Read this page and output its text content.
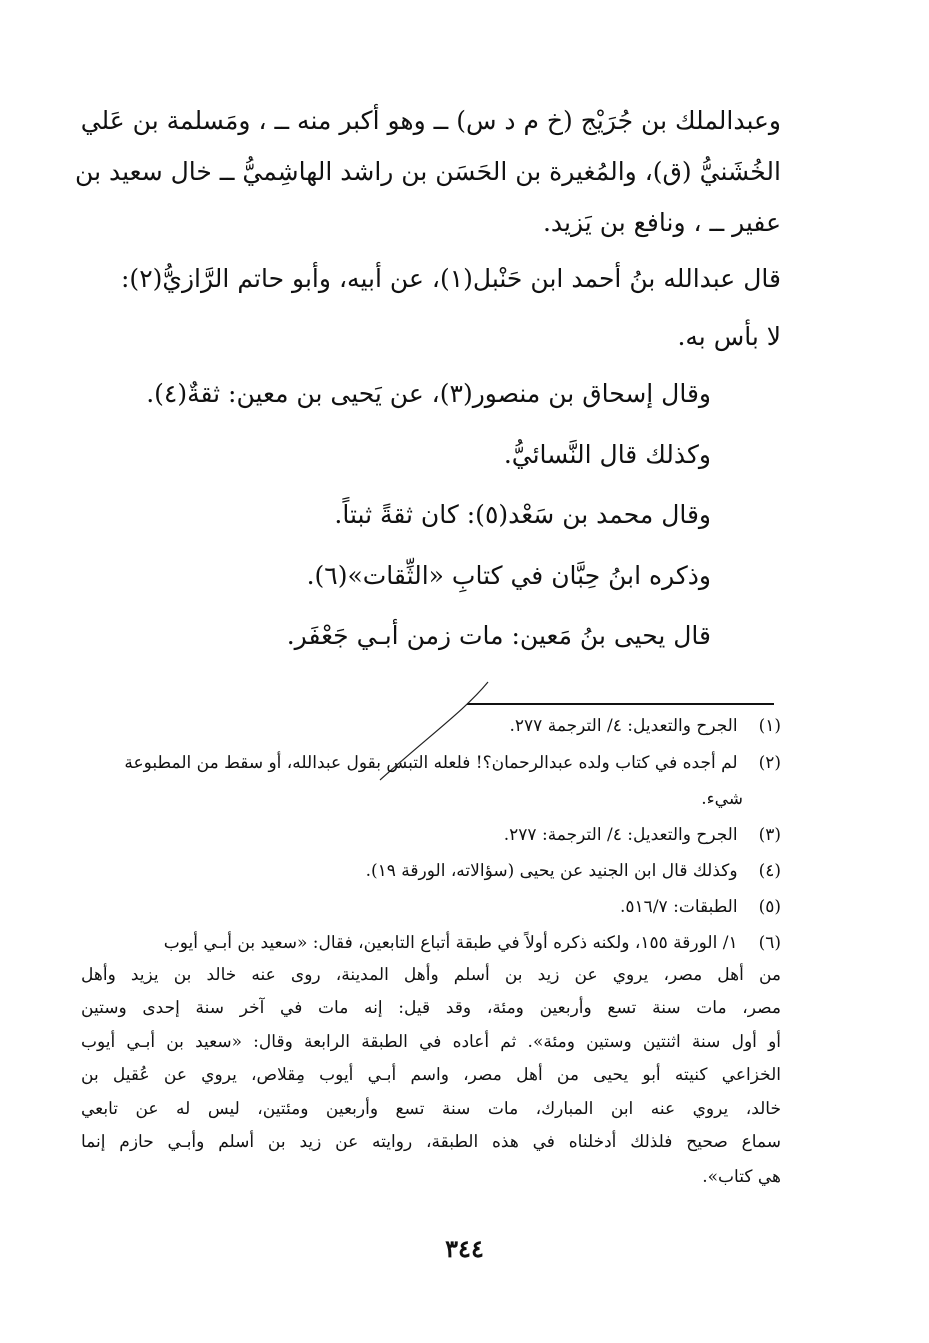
وعبدالملك بن جُرَيْج (خ م د س) ــ وهو أكبر منه ــ ، ومَسلمة بن عَلي
الخُشَنيُّ (ق)، والمُغيرة بن الحَسَن بن راشد الهاشِميُّ ــ خال سعيد بن
عفير ــ ، ونافع بن يَزيد.
قال عبدالله بنُ أحمد ابن حَنْبل(١)، عن أبيه، وأبو حاتم الرَّازيُّ(٢):
لا بأس به.
وقال إسحاق بن منصور(٣)، عن يَحيى بن معين: ثقةٌ(٤).
وكذلك قال النَّسائيُّ.
وقال محمد بن سَعْد(٥): كان ثقةً ثبتاً.
وذكره ابنُ حِبَّان في كتابِ «الثِّقات»(٦).
قال يحيى بنُ مَعين: مات زمن أبـي جَعْفَر.
(١) الجرح والتعديل: ٤/ الترجمة ٢٧٧.
(٢) لم أجده في كتاب ولده عبدالرحمان؟! فلعله التبس بقول عبدالله، أو سقط من المطبوعة
شيء.
(٣) الجرح والتعديل: ٤/ الترجمة: ٢٧٧.
(٤) وكذلك قال ابن الجنيد عن يحيى (سؤالاته، الورقة ١٩).
(٥) الطبقات: ٥١٦/٧.
(٦) ١/ الورقة ١٥٥، ولكنه ذكره أولاً في طبقة أتباع التابعين، فقال: «سعيد بن أبـي أيوب
من أهل مصر، يروي عن زيد بن أسلم وأهل المدينة، روى عنه خالد بن يزيد وأهل
مصر، مات سنة تسع وأربعين ومئة، وقد قيل: إنه مات في آخر سنة إحدى وستين
أو أول سنة اثنتين وستين ومئة». ثم أعاده في الطبقة الرابعة وقال: «سعيد بن أبـي أيوب
الخزاعي كنيته أبو يحيى من أهل مصر، واسم أبـي أيوب مِقلاص، يروي عن عُقيل بن
خالد، يروي عنه ابن المبارك، مات سنة تسع وأربعين ومئتين، ليس له عن تابعي
سماع صحيح فلذلك أدخلناه في هذه الطبقة، روايته عن زيد بن أسلم وأبـي حازم إنما
هي كتاب».
٣٤٤
